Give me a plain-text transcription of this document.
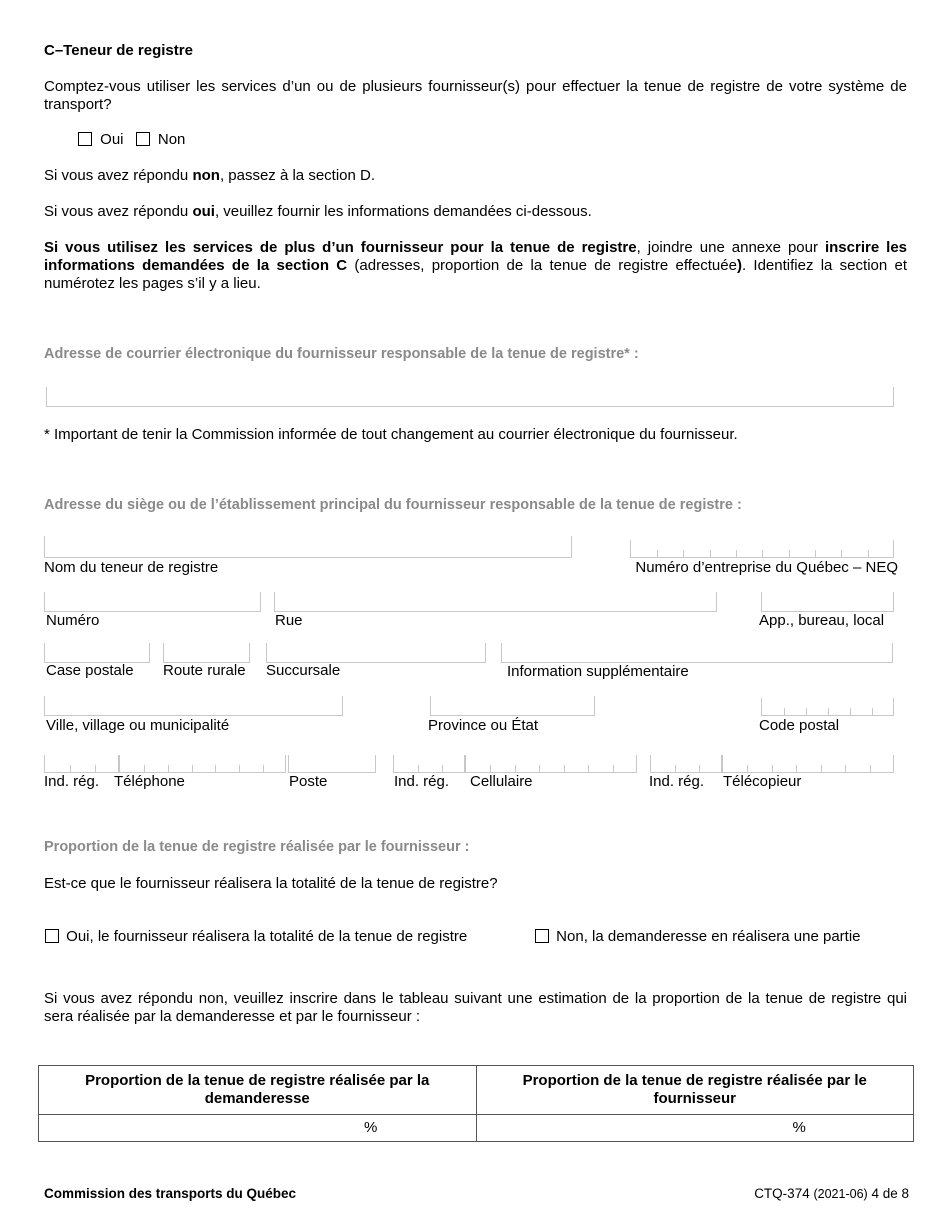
C–Teneur de registre

Comptez-vous utiliser les services d’un ou de plusieurs fournisseur(s) pour effectuer la tenue de registre de votre système de transport?

Oui Non
Si vous avez répondu non, passez à la section D.
Si vous avez répondu oui, veuillez fournir les informations demandées ci-dessous.

Si vous utilisez les services de plus d’un fournisseur pour la tenue de registre, joindre une annexe pour inscrire les informations demandées de la section C (adresses, proportion de la tenue de registre effectuée). Identifiez la section et numérotez les pages s’il y a lieu.

Adresse de courrier électronique du fournisseur responsable de la tenue de registre* :
* Important de tenir la Commission informée de tout changement au courrier électronique du fournisseur.
Adresse du siège ou de l’établissement principal du fournisseur responsable de la tenue de registre :
Nom du teneur de registre	Numéro d’entreprise du Québec – NEQ
Numéro	Rue	App., bureau, local
Case postale Route rurale Succursale	Information supplémentaire
Ville, village ou municipalité	Province ou État	Code postal
Ind. rég. Téléphone	Poste	Ind. rég. Cellulaire	Ind. rég. Télécopieur
Proportion de la tenue de registre réalisée par le fournisseur :
Est-ce que le fournisseur réalisera la totalité de la tenue de registre?
Oui, le fournisseur réalisera la totalité de la tenue de registre	Non, la demanderesse en réalisera une partie

Si vous avez répondu non, veuillez inscrire dans le tableau suivant une estimation de la proportion de la tenue de registre qui sera réalisée par la demanderesse et par le fournisseur :

Proportion de la tenue de registre réalisée par la demanderesse	Proportion de la tenue de registre réalisée par le fournisseur

%	%
Commission des transports du Québec	CTQ-374 (2021-06) 4 de 8
